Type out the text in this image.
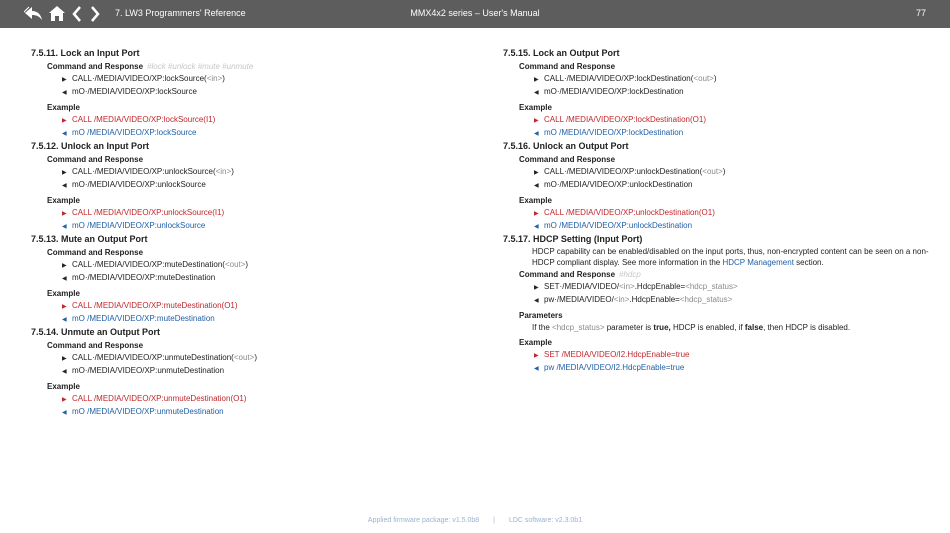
7. LW3 Programmers' Reference	MMX4x2 series – User's Manual	77
7.5.11. Lock an Input Port
Command and Response #lock #unlock #mute #unmute
▶ CALL·/MEDIA/VIDEO/XP:lockSource(<in>)
◀ mO·/MEDIA/VIDEO/XP:lockSource
Example
▶ CALL /MEDIA/VIDEO/XP:lockSource(I1)
◀ mO /MEDIA/VIDEO/XP:lockSource
7.5.12. Unlock an Input Port
Command and Response
▶ CALL·/MEDIA/VIDEO/XP:unlockSource(<in>)
◀ mO·/MEDIA/VIDEO/XP:unlockSource
Example
▶ CALL /MEDIA/VIDEO/XP:unlockSource(I1)
◀ mO /MEDIA/VIDEO/XP:unlockSource
7.5.13. Mute an Output Port
Command and Response
▶ CALL·/MEDIA/VIDEO/XP:muteDestination(<out>)
◀ mO·/MEDIA/VIDEO/XP:muteDestination
Example
▶ CALL /MEDIA/VIDEO/XP:muteDestination(O1)
◀ mO /MEDIA/VIDEO/XP:muteDestination
7.5.14. Unmute an Output Port
Command and Response
▶ CALL·/MEDIA/VIDEO/XP:unmuteDestination(<out>)
◀ mO·/MEDIA/VIDEO/XP:unmuteDestination
Example
▶ CALL /MEDIA/VIDEO/XP:unmuteDestination(O1)
◀ mO /MEDIA/VIDEO/XP:unmuteDestination
7.5.15. Lock an Output Port
Command and Response
▶ CALL·/MEDIA/VIDEO/XP:lockDestination(<out>)
◀ mO·/MEDIA/VIDEO/XP:lockDestination
Example
▶ CALL /MEDIA/VIDEO/XP:lockDestination(O1)
◀ mO /MEDIA/VIDEO/XP:lockDestination
7.5.16. Unlock an Output Port
Command and Response
▶ CALL·/MEDIA/VIDEO/XP:unlockDestination(<out>)
◀ mO·/MEDIA/VIDEO/XP:unlockDestination
Example
▶ CALL /MEDIA/VIDEO/XP:unlockDestination(O1)
◀ mO /MEDIA/VIDEO/XP:unlockDestination
7.5.17. HDCP Setting (Input Port)
HDCP capability can be enabled/disabled on the input ports, thus, non-encrypted content can be seen on a non-HDCP compliant display. See more information in the HDCP Management section.
Command and Response #hdcp
▶ SET·/MEDIA/VIDEO/<in>.HdcpEnable=<hdcp_status>
◀ pw·/MEDIA/VIDEO/<in>.HdcpEnable=<hdcp_status>
Parameters
If the <hdcp_status> parameter is true, HDCP is enabled, if false, then HDCP is disabled.
Example
▶ SET /MEDIA/VIDEO/I2.HdcpEnable=true
◀ pw /MEDIA/VIDEO/I2.HdcpEnable=true
Applied firmware package: v1.5.0b8 | LDC software: v2.3.0b1
